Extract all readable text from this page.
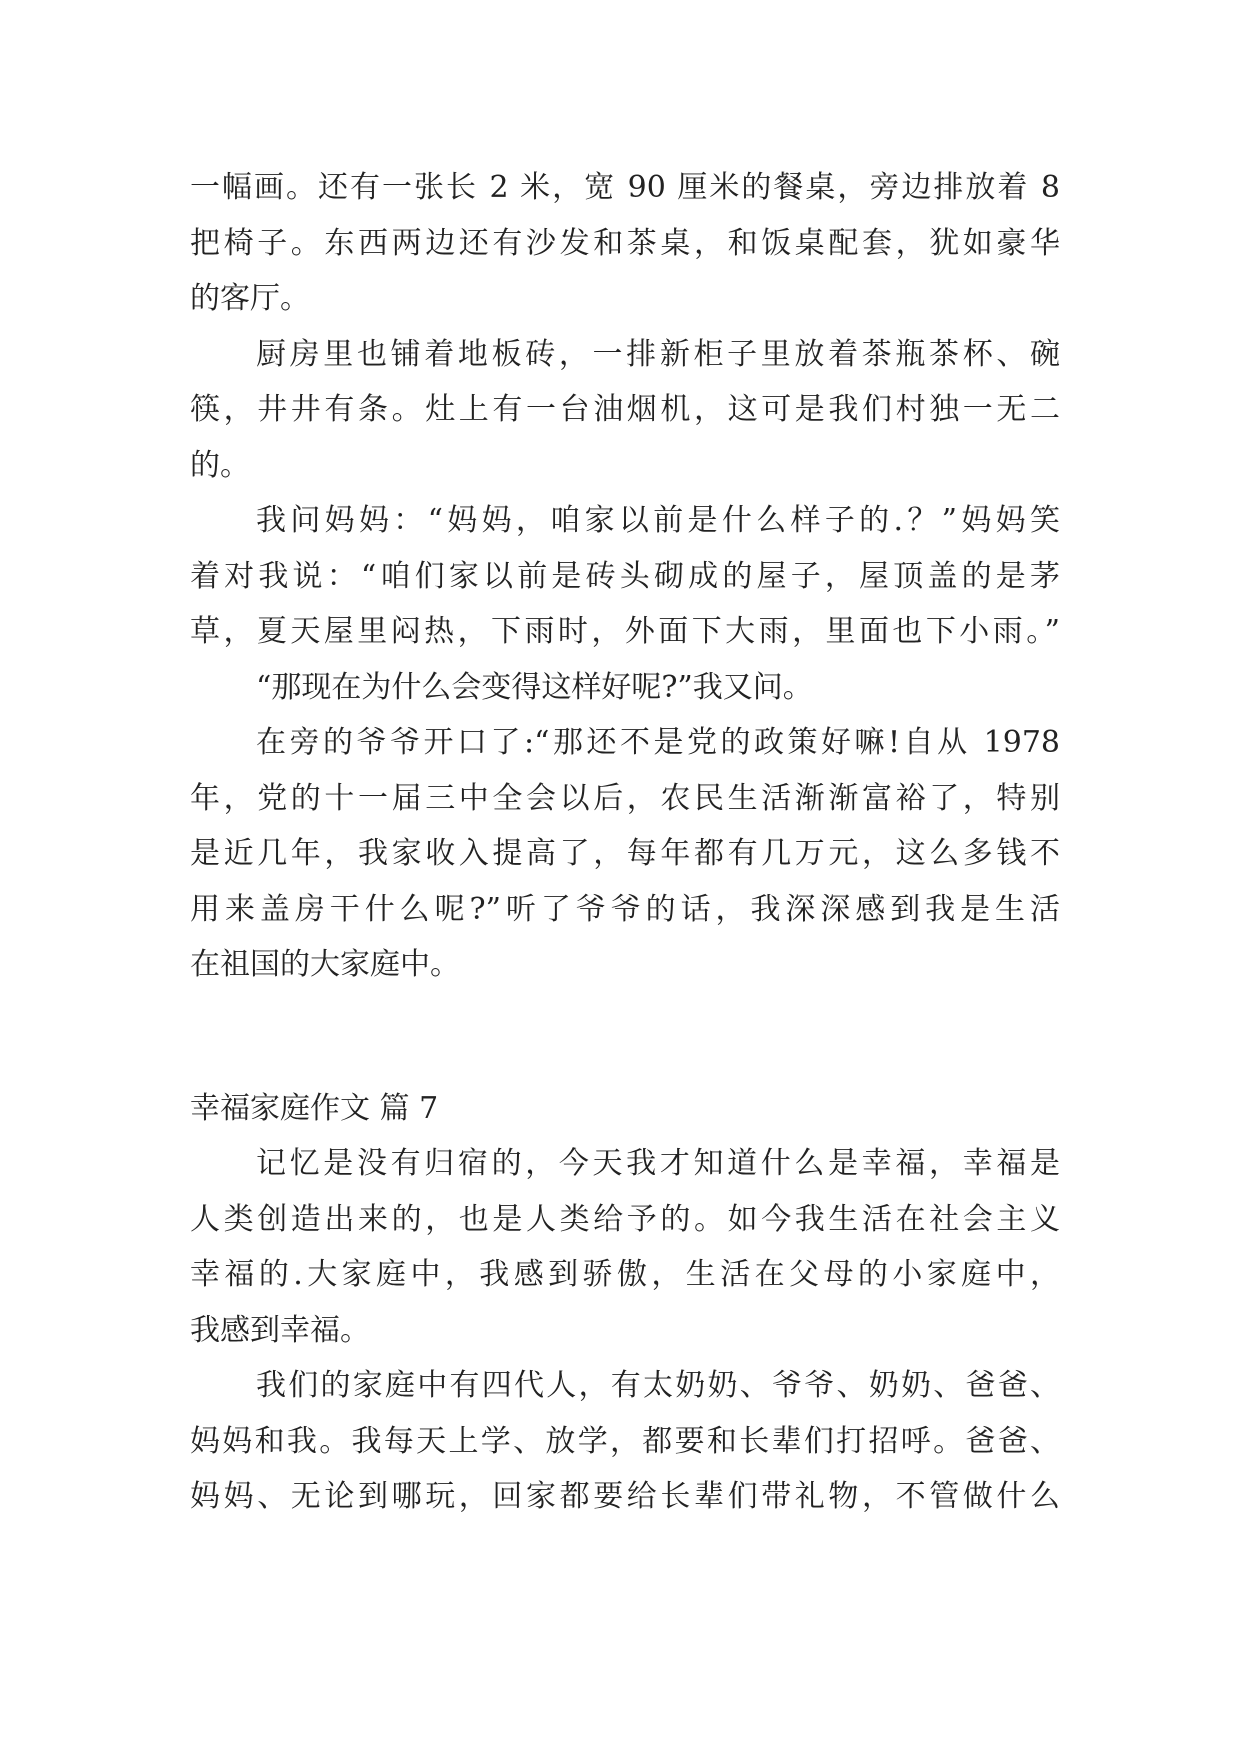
一幅画。还有一张长 2 米，宽 90 厘米的餐桌，旁边排放着 8
把椅子。东西两边还有沙发和茶桌，和饭桌配套，犹如豪华
的客厅。
厨房里也铺着地板砖，一排新柜子里放着茶瓶茶杯、碗
筷，井井有条。灶上有一台油烟机，这可是我们村独一无二
的。
我问妈妈：“妈妈，咱家以前是什么样子的.？”妈妈笑
着对我说：“咱们家以前是砖头砌成的屋子，屋顶盖的是茅
草，夏天屋里闷热，下雨时，外面下大雨，里面也下小雨。”
“那现在为什么会变得这样好呢?”我又问。
在旁的爷爷开口了:“那还不是党的政策好嘛!自从 1978
年，党的十一届三中全会以后，农民生活渐渐富裕了，特别
是近几年，我家收入提高了，每年都有几万元，这么多钱不
用来盖房干什么呢?”听了爷爷的话，我深深感到我是生活
在祖国的大家庭中。
幸福家庭作文 篇 7
记忆是没有归宿的，今天我才知道什么是幸福，幸福是
人类创造出来的，也是人类给予的。如今我生活在社会主义
幸福的.大家庭中，我感到骄傲，生活在父母的小家庭中，
我感到幸福。
我们的家庭中有四代人，有太奶奶、爷爷、奶奶、爸爸、
妈妈和我。我每天上学、放学，都要和长辈们打招呼。爸爸、
妈妈、无论到哪玩，回家都要给长辈们带礼物，不管做什么
